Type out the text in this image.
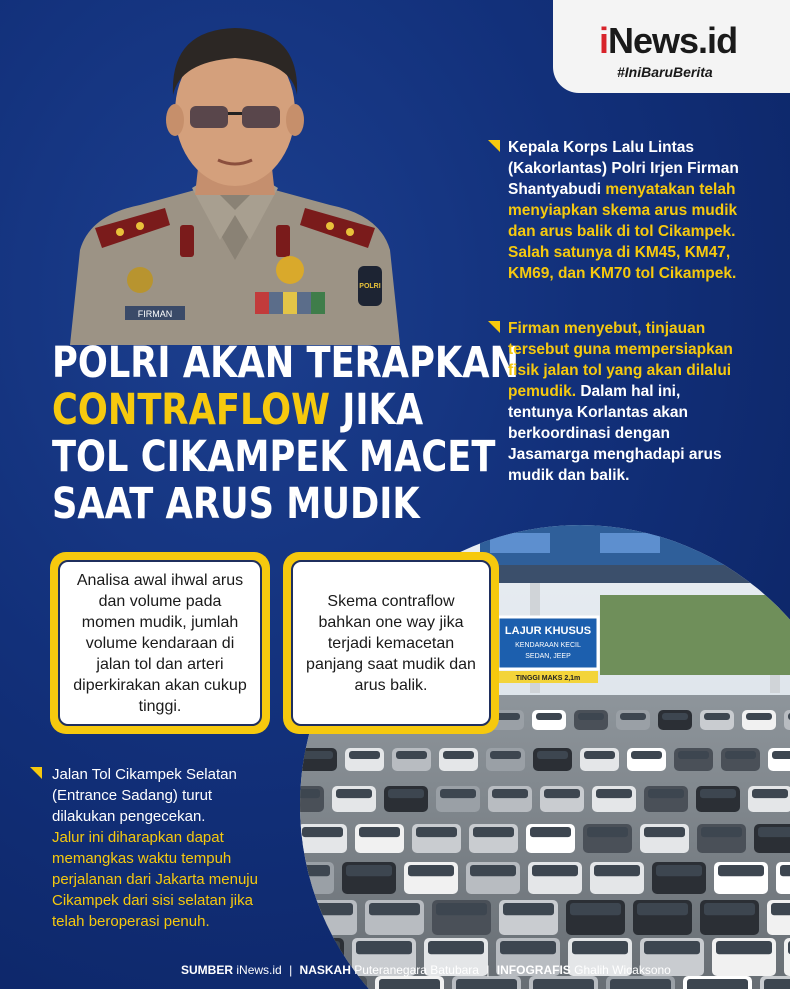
LAJUR KHUSUS
KENDARAAN KECIL
SEDAN, JEEP
TINGGI MAKS 2,1m
FIRMAN
POLRI
iNews.id
#IniBaruBerita
POLRI AKAN TERAPKAN
CONTRAFLOW JIKA
TOL CIKAMPEK MACET
SAAT ARUS MUDIK
Kepala Korps Lalu Lintas
(Kakorlantas) Polri Irjen Firman
Shantyabudi menyatakan telah
menyiapkan skema arus mudik
dan arus balik di tol Cikampek.
Salah satunya di KM45, KM47,
KM69, dan KM70 tol Cikampek.
Firman menyebut, tinjauan
tersebut guna mempersiapkan
fisik jalan tol yang akan dilalui
pemudik. Dalam hal ini,
tentunya Korlantas akan
berkoordinasi dengan
Jasamarga menghadapi arus
mudik dan balik.
Analisa awal ihwal arus dan volume pada momen mudik, jumlah volume kendaraan di jalan tol dan arteri diperkirakan akan cukup tinggi.
Skema contraflow bahkan one way jika terjadi kemacetan panjang saat mudik dan arus balik.
Jalan Tol Cikampek Selatan
(Entrance Sadang) turut
dilakukan pengecekan.
Jalur ini diharapkan dapat
memangkas waktu tempuh
perjalanan dari Jakarta menuju
Cikampek dari sisi selatan jika
telah beroperasi penuh.
SUMBER iNews.id | NASKAH Puteranegara Batubara | INFOGRAFIS Ghalih Wicaksono
